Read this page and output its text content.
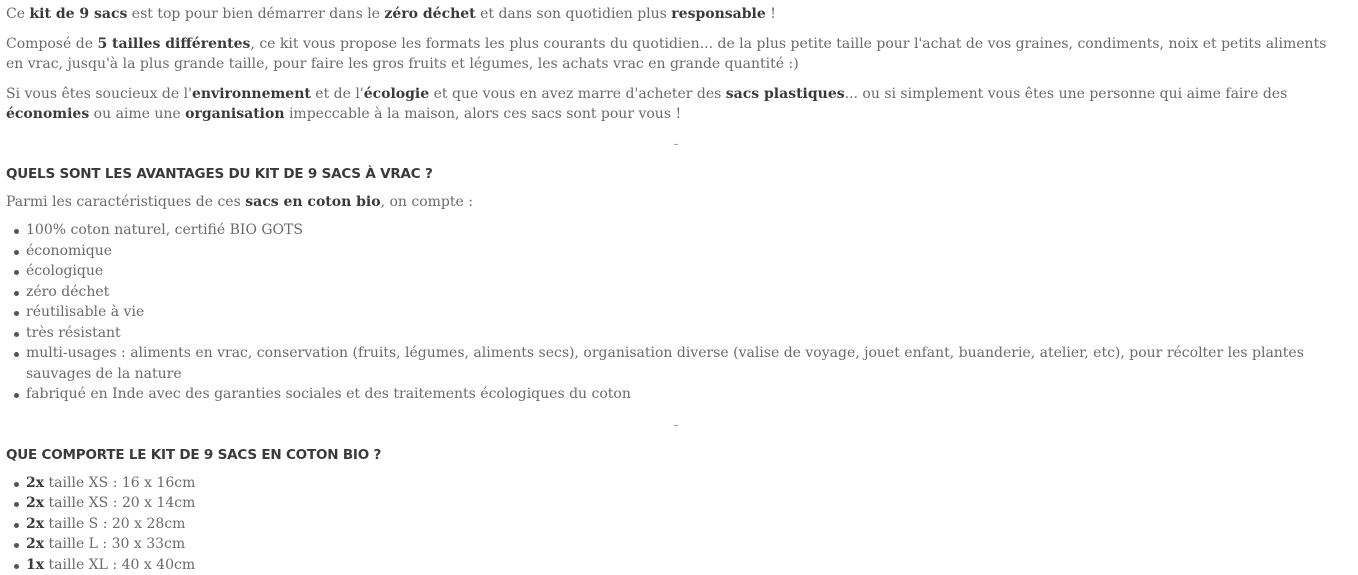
Ce kit de 9 sacs est top pour bien démarrer dans le zéro déchet et dans son quotidien plus responsable !

Composé de 5 tailles différentes, ce kit vous propose les formats les plus courants du quotidien... de la plus petite taille pour l'achat de vos graines, condiments, noix et petits aliments en vrac, jusqu'à la plus grande taille, pour faire les gros fruits et légumes, les achats vrac en grande quantité :)

Si vous êtes soucieux de l'environnement et de l'écologie et que vous en avez marre d'acheter des sacs plastiques... ou si simplement vous êtes une personne qui aime faire des économies ou aime une organisation impeccable à la maison, alors ces sacs sont pour vous !

-
QUELS SONT LES AVANTAGES DU KIT DE 9 SACS À VRAC ?

Parmi les caractéristiques de ces sacs en coton bio, on compte :

100% coton naturel, certifié BIO GOTS
économique
écologique
zéro déchet
réutilisable à vie
très résistant
multi-usages : aliments en vrac, conservation (fruits, légumes, aliments secs), organisation diverse (valise de voyage, jouet enfant, buanderie, atelier, etc), pour récolter les plantes sauvages de la nature
fabriqué en Inde avec des garanties sociales et des traitements écologiques du coton
-
QUE COMPORTE LE KIT DE 9 SACS EN COTON BIO ?
2x taille XS : 16 x 16cm
2x taille XS : 20 x 14cm
2x taille S : 20 x 28cm
2x taille L : 30 x 33cm
1x taille XL : 40 x 40cm
